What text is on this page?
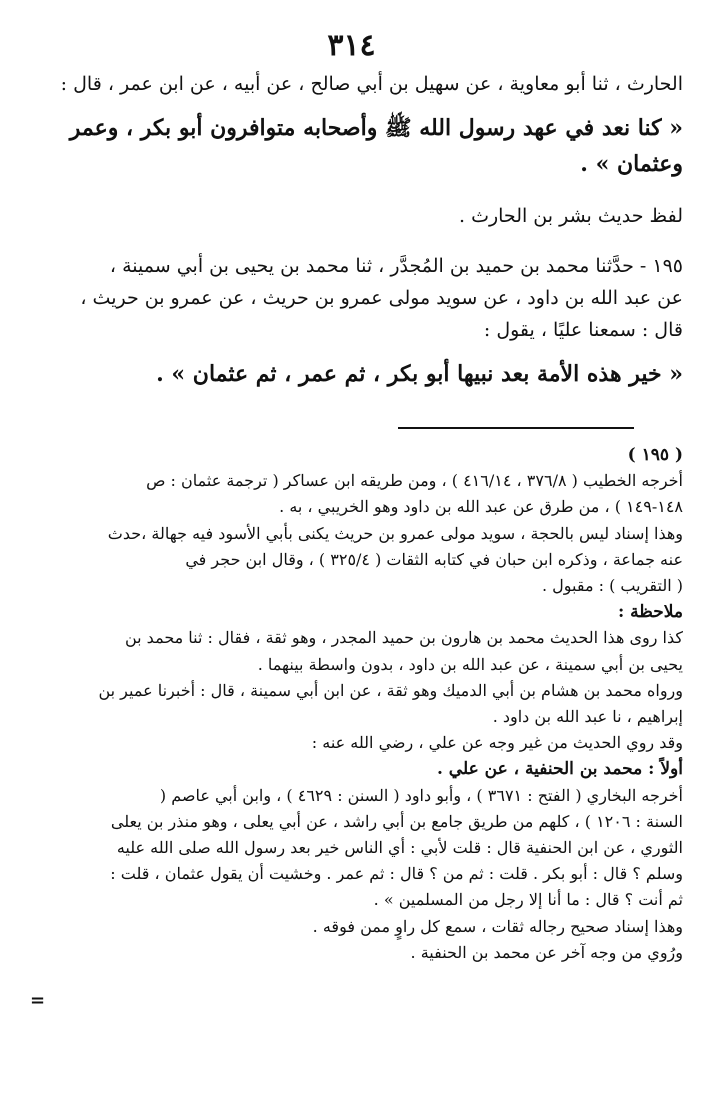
٣١٤
الحارث ، ثنا أبو معاوية ، عن سهيل بن أبي صالح ، عن أبيه ، عن ابن عمر ، قال :
« كنا نعد في عهد رسول الله ﷺ وأصحابه متوافرون أبو بكر ، وعمر
وعثمان » .
لفظ حديث بشر بن الحارث .
١٩٥ - حدَّثنا محمد بن حميد بن المُجدَّر ، ثنا محمد بن يحيى بن أبي سمينة ،
عن عبد الله بن داود ، عن سويد مولى عمرو بن حريث ، عن عمرو بن حريث ،
قال : سمعنا عليًا ، يقول :
« خير هذه الأمة بعد نبيها أبو بكر ، ثم عمر ، ثم عثمان » .
( ١٩٥ )
أخرجه الخطيب ( ٣٧٦/٨ ، ٤١٦/١٤ ) ، ومن طريقه ابن عساكر ( ترجمة عثمان : ص
١٤٨-١٤٩ ) ، من طرق عن عبد الله بن داود وهو الخريبي ، به .
وهذا إسناد ليس بالحجة ، سويد مولى عمرو بن حريث يكنى بأبي الأسود فيه جهالة ،حدث
عنه جماعة ، وذكره ابن حبان في كتابه الثقات ( ٣٢٥/٤ ) ، وقال ابن حجر في
( التقريب ) : مقبول .
ملاحظة :
كذا روى هذا الحديث محمد بن هارون بن حميد المجدر ، وهو ثقة ، فقال : ثنا محمد بن
يحيى بن أبي سمينة ، عن عبد الله بن داود ، بدون واسطة بينهما .
ورواه محمد بن هشام بن أبي الدميك وهو ثقة ، عن ابن أبي سمينة ، قال : أخبرنا عمير بن
إبراهيم ، نا عبد الله بن داود .
وقد روي الحديث من غير وجه عن علي ، رضي الله عنه :
أولاً : محمد بن الحنفية ، عن علي .
أخرجه البخاري ( الفتح : ٣٦٧١ ) ، وأبو داود ( السنن : ٤٦٢٩ ) ، وابن أبي عاصم (
السنة : ١٢٠٦ ) ، كلهم من طريق جامع بن أبي راشد ، عن أبي يعلى ، وهو منذر بن يعلى
الثوري ، عن ابن الحنفية قال : قلت لأبي : أي الناس خير بعد رسول الله صلى الله عليه
وسلم ؟ قال : أبو بكر . قلت : ثم من ؟ قال : ثم عمر . وخشيت أن يقول عثمان ، قلت :
ثم أنت ؟ قال : ما أنا إلا رجل من المسلمين » .
وهذا إسناد صحيح رجاله ثقات ، سمع كل راوٍ ممن فوقه .
ورُوي من وجه آخر عن محمد بن الحنفية .
=
